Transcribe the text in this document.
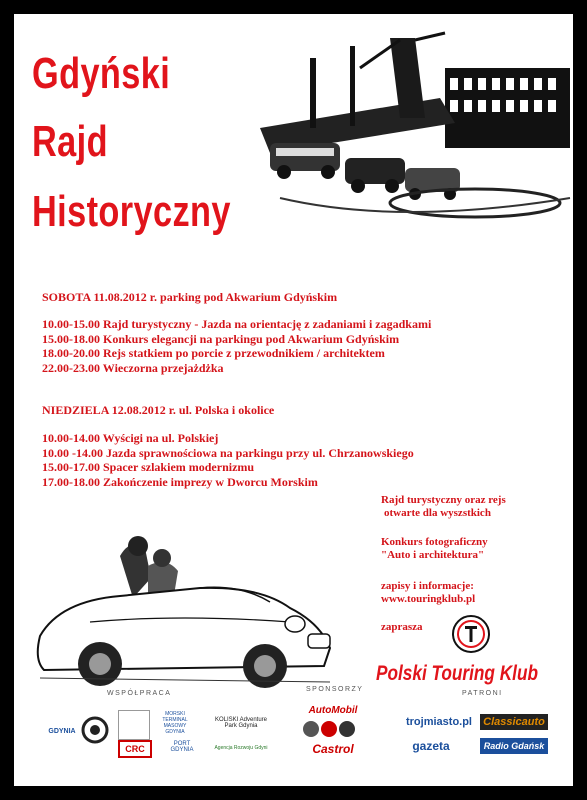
Gdyński
Rajd
Historyczny
SOBOTA 11.08.2012 r. parking pod Akwarium Gdyńskim
10.00-15.00 Rajd turystyczny - Jazda na orientację z zadaniami i zagadkami
15.00-18.00 Konkurs elegancji na parkingu pod Akwarium Gdyńskim
18.00-20.00 Rejs statkiem po porcie z przewodnikiem / architektem
22.00-23.00 Wieczorna przejażdżka
NIEDZIELA 12.08.2012 r. ul. Polska i okolice
10.00-14.00 Wyścigi na ul. Polskiej
10.00 -14.00 Jazda sprawnościowa na parkingu przy ul. Chrzanowskiego
15.00-17.00 Spacer szlakiem modernizmu
17.00-18.00 Zakończenie imprezy w Dworcu Morskim
Rajd turystyczny oraz rejs
otwarte dla wyszstkich
Konkurs fotograficzny
"Auto i architektura"
zapisy i informacje:
www.touringklub.pl
zaprasza
Polski Touring Klub
WSPÓŁPRACA
SPONSORZY
PATRONI
GDYNIA
CRC
MORSKI TERMINAL MASOWY GDYNIA
KOLISKI Adventure Park Gdynia
PORT GDYNIA	Agencja Rozwoju Gdyni
AutoMobil
Castrol
trojmiasto.pl Classicauto
gazeta	Radio Gdańsk
